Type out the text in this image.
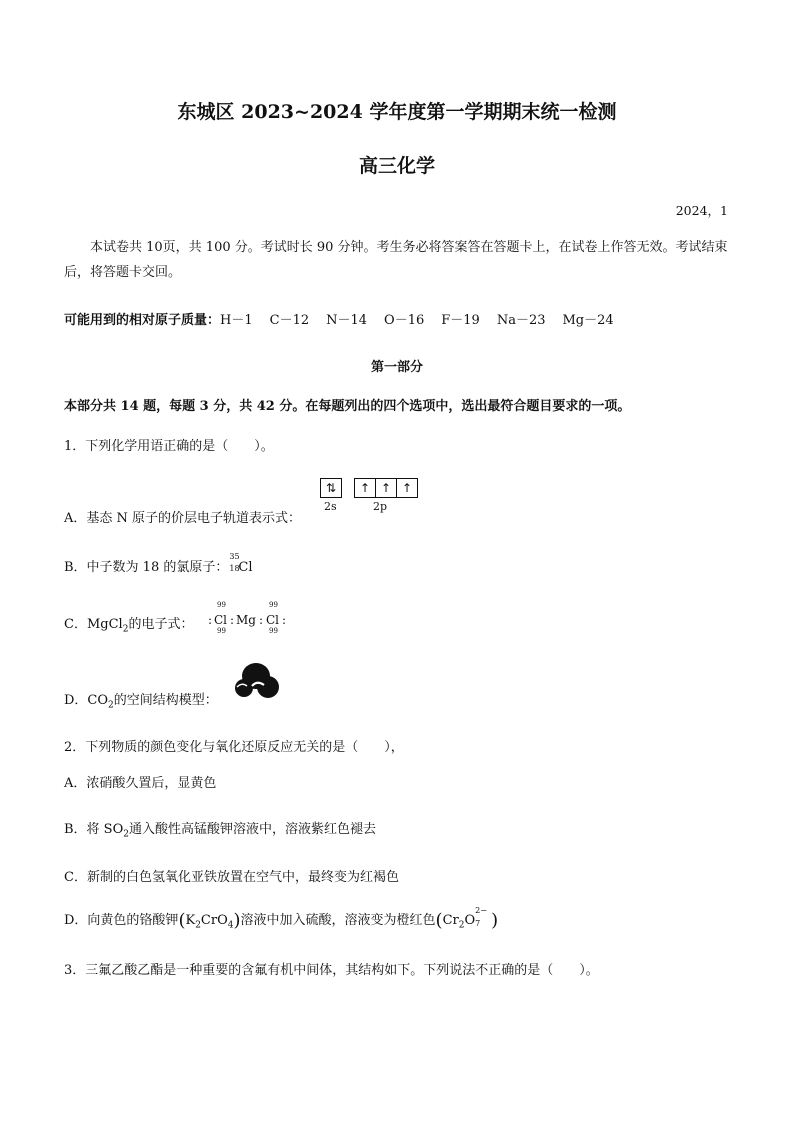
东城区 2023~2024 学年度第一学期期末统一检测
高三化学
2024，1
本试卷共 10页，共 100 分。考试时长 90 分钟。考生务必将答案答在答题卡上，在试卷上作答无效。考试结束后，将答题卡交回。
可能用到的相对原子质量：H－1 C－12 N－14 O－16 F－19 Na－23 Mg－24
第一部分
本部分共 14 题，每题 3 分，共 42 分。在每题列出的四个选项中，选出最符合题目要求的一项。
1．下列化学用语正确的是（　　）。
⇅	↑ ↑ ↑
2s	2p
A．基态 N 原子的价层电子轨道表示式：
B．中子数为 18 的氯原子：
35
18
Cl
C．MgCl$_2$的电子式： :
99
Cl
99
: Mg :
99
Cl
99
:
D．$CO_2$的空间结构模型：
2．下列物质的颜色变化与氧化还原反应无关的是（　　），
A．浓硝酸久置后，显黄色
B．将 $SO_2$通入酸性高锰酸钾溶液中，溶液紫红色褪去
C．新制的白色氢氧化亚铁放置在空气中，最终变为红褐色
D．向黄色的铬酸钾$(K_2CrO_4)$溶液中加入硫酸，溶液变为橙红色($Cr_2O$
2−
7 )
3．三氟乙酸乙酯是一种重要的含氟有机中间体，其结构如下。下列说法不正确的是（　　）。
